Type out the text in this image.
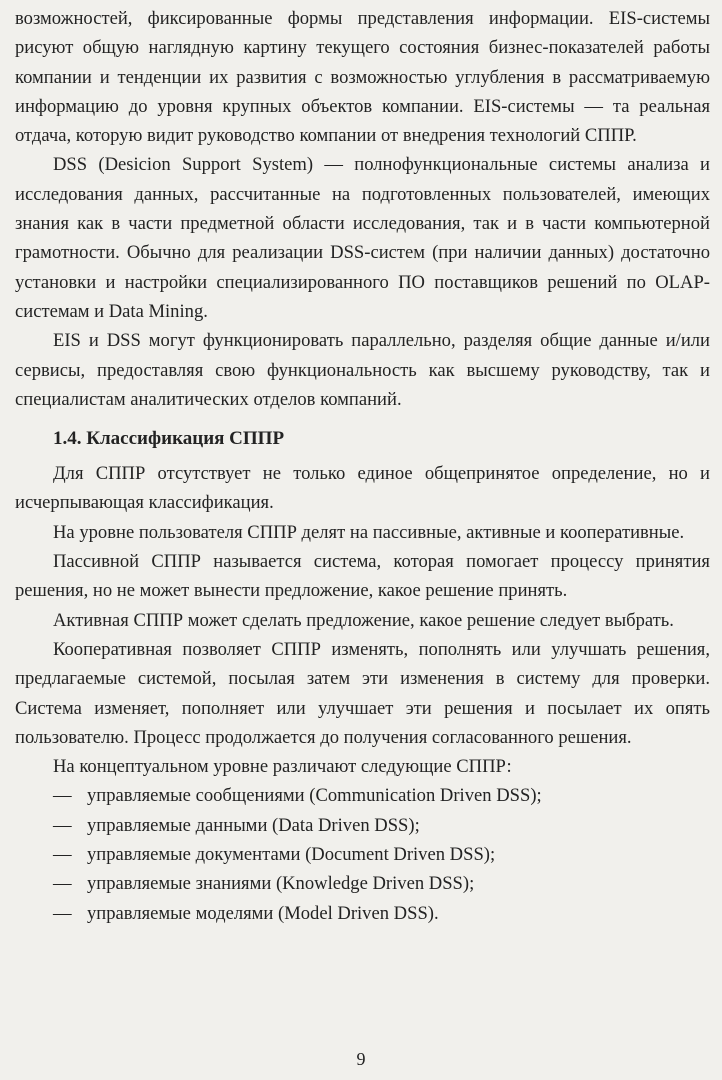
возможностей, фиксированные формы представления информации. EIS-системы рисуют общую наглядную картину текущего состояния бизнес-показателей работы компании и тенденции их развития с возможностью углубления в рассматриваемую информацию до уровня крупных объектов компании. EIS-системы — та реальная отдача, которую видит руководство компании от внедрения технологий СППР.

DSS (Desicion Support System) — полнофункциональные системы анализа и исследования данных, рассчитанные на подготовленных пользователей, имеющих знания как в части предметной области исследования, так и в части компьютерной грамотности. Обычно для реализации DSS-систем (при наличии данных) достаточно установки и настройки специализированного ПО поставщиков решений по OLAP-системам и Data Mining.

EIS и DSS могут функционировать параллельно, разделяя общие данные и/или сервисы, предоставляя свою функциональность как высшему руководству, так и специалистам аналитических отделов компаний.

1.4. Классификация СППР

Для СППР отсутствует не только единое общепринятое определение, но и исчерпывающая классификация.

На уровне пользователя СППР делят на пассивные, активные и кооперативные.

Пассивной СППР называется система, которая помогает процессу принятия решения, но не может вынести предложение, какое решение принять.

Активная СППР может сделать предложение, какое решение следует выбрать.

Кооперативная позволяет СППР изменять, пополнять или улучшать решения, предлагаемые системой, посылая затем эти изменения в систему для проверки. Система изменяет, пополняет или улучшает эти решения и посылает их опять пользователю. Процесс продолжается до получения согласованного решения.

На концептуальном уровне различают следующие СППР:

— управляемые сообщениями (Communication Driven DSS);
— управляемые данными (Data Driven DSS);
— управляемые документами (Document Driven DSS);
— управляемые знаниями (Knowledge Driven DSS);
— управляемые моделями (Model Driven DSS).
9
